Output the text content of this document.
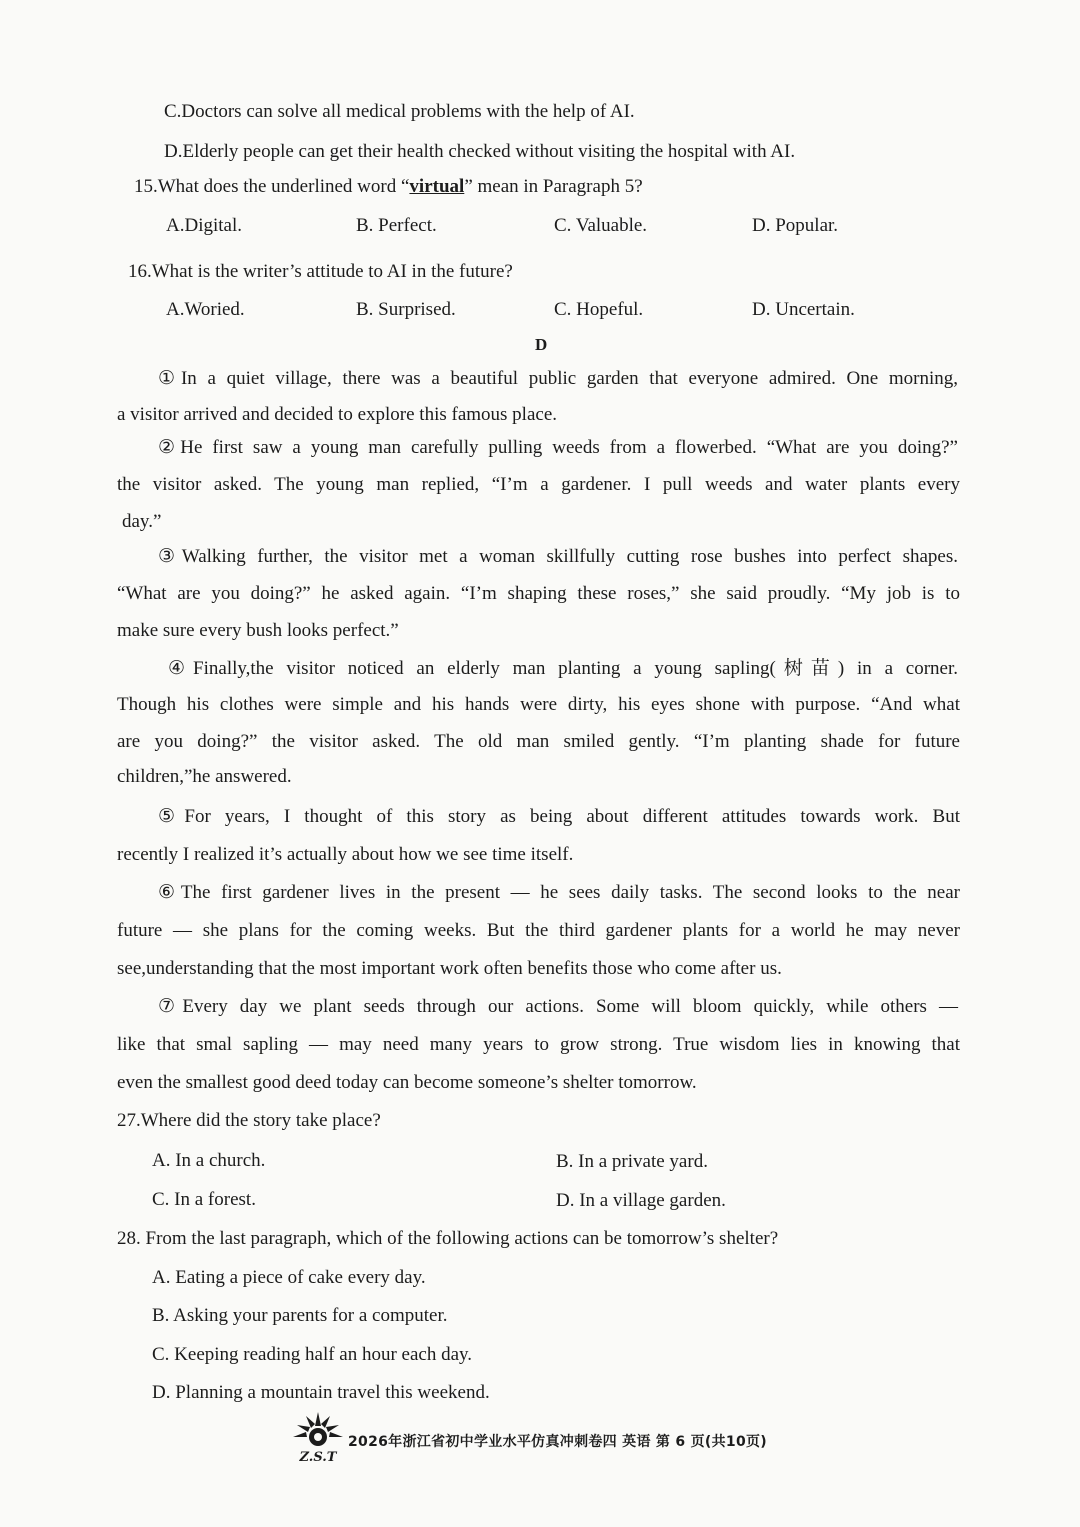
C.Doctors can solve all medical problems with the help of AI.
D.Elderly people can get their health checked without visiting the hospital with AI.
15.What does the underlined word “virtual” mean in Paragraph 5?
A.Digital.	B. Perfect.	C. Valuable.	D. Popular.
16.What is the writer’s attitude to AI in the future?
A.Woried.	B. Surprised.	C. Hopeful.	D. Uncertain.
D
①In a quiet village, there was a beautiful public garden that everyone admired. One morning,
a visitor arrived and decided to explore this famous place.
②He first saw a young man carefully pulling weeds from a flowerbed. “What are you doing?”
the visitor asked. The young man replied, “I’m a gardener. I pull weeds and water plants every
day.”
③Walking further, the visitor met a woman skillfully cutting rose bushes into perfect shapes.
“What are you doing?” he asked again. “I’m shaping these roses,” she said proudly. “My job is to
make sure every bush looks perfect.”
④Finally,the visitor noticed an elderly man planting a young sapling(树苗) in a corner.
Though his clothes were simple and his hands were dirty, his eyes shone with purpose. “And what
are you doing?” the visitor asked. The old man smiled gently. “I’m planting shade for future
children,”he answered.
⑤For years, I thought of this story as being about different attitudes towards work. But
recently I realized it’s actually about how we see time itself.
⑥The first gardener lives in the present — he sees daily tasks. The second looks to the near
future — she plans for the coming weeks. But the third gardener plants for a world he may never
see,understanding that the most important work often benefits those who come after us.
⑦Every day we plant seeds through our actions. Some will bloom quickly, while others —
like that smal sapling — may need many years to grow strong. True wisdom lies in knowing that
even the smallest good deed today can become someone’s shelter tomorrow.
27.Where did the story take place?
A. In a church.	B. In a private yard.
C. In a forest.	D. In a village garden.
28. From the last paragraph, which of the following actions can be tomorrow’s shelter?
A. Eating a piece of cake every day.
B. Asking your parents for a computer.
C. Keeping reading half an hour each day.
D. Planning a mountain travel this weekend.
Z.S.T
2026年浙江省初中学业水平仿真冲刺卷四 英语 第 6 页(共10页)
